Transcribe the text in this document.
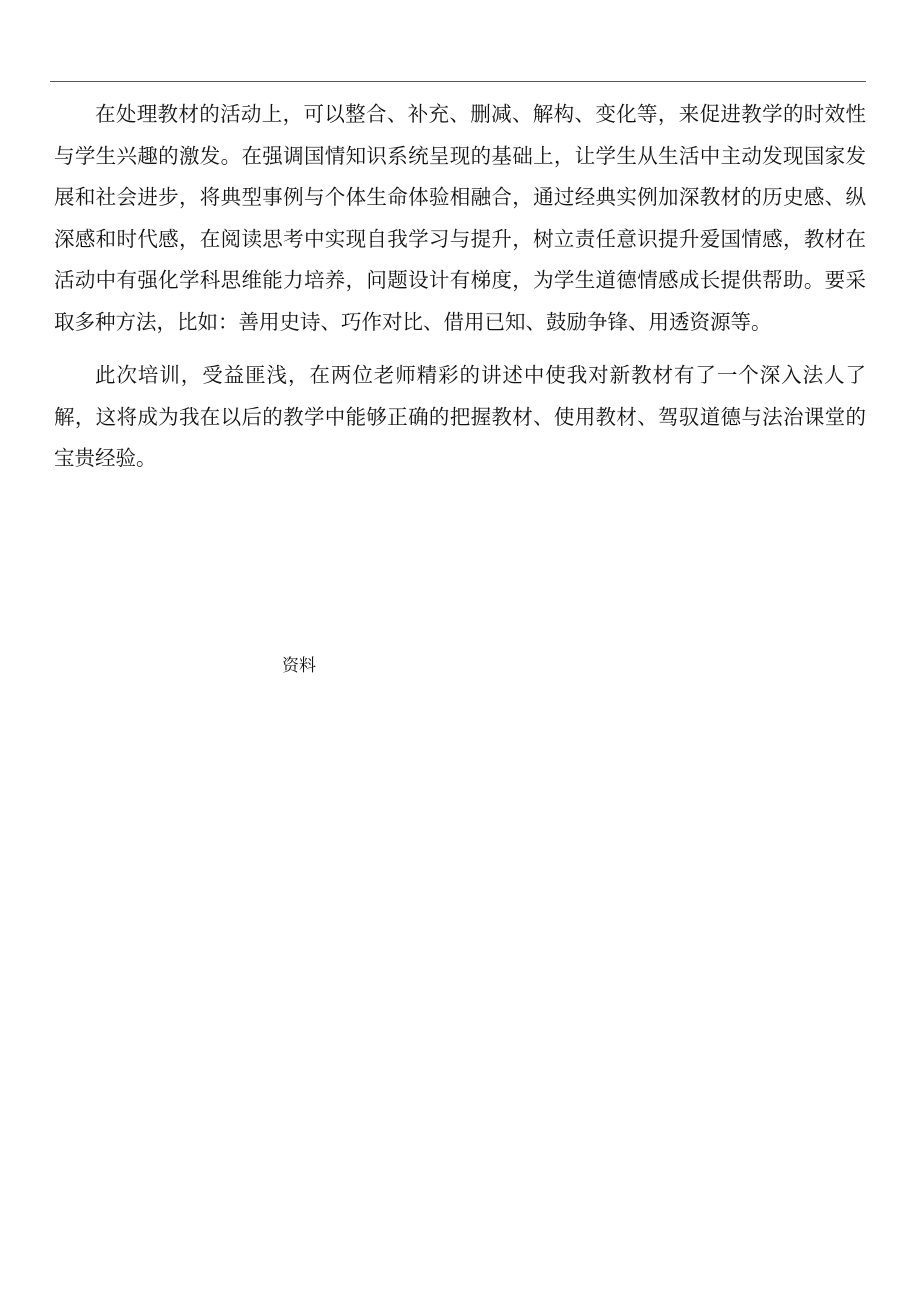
在处理教材的活动上，可以整合、补充、删减、解构、变化等，来促进教学的时效性与学生兴趣的激发。在强调国情知识系统呈现的基础上，让学生从生活中主动发现国家发展和社会进步，将典型事例与个体生命体验相融合，通过经典实例加深教材的历史感、纵深感和时代感，在阅读思考中实现自我学习与提升，树立责任意识提升爱国情感，教材在活动中有强化学科思维能力培养，问题设计有梯度，为学生道德情感成长提供帮助。要采取多种方法，比如：善用史诗、巧作对比、借用已知、鼓励争锋、用透资源等。

此次培训，受益匪浅，在两位老师精彩的讲述中使我对新教材有了一个深入法人了解，这将成为我在以后的教学中能够正确的把握教材、使用教材、驾驭道德与法治课堂的宝贵经验。

资料
